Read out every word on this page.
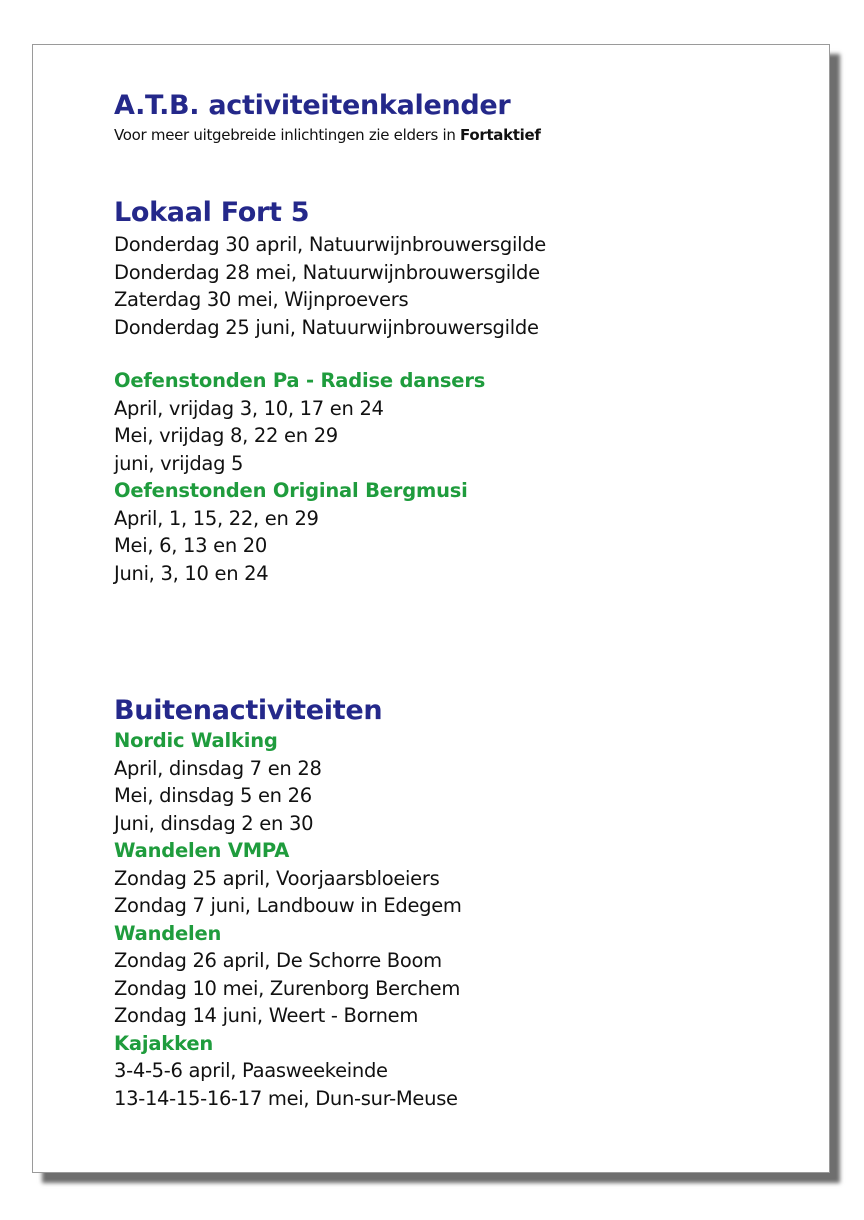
A.T.B. activiteitenkalender

Voor meer uitgebreide inlichtingen zie elders in Fortaktief

Lokaal Fort 5

Donderdag 30 april, Natuurwijnbrouwersgilde

Donderdag 28 mei, Natuurwijnbrouwersgilde

Zaterdag 30 mei, Wijnproevers

Donderdag 25 juni, Natuurwijnbrouwersgilde

Oefenstonden Pa - Radise dansers

April, vrijdag 3, 10, 17 en 24

Mei, vrijdag 8, 22 en 29

juni, vrijdag 5

Oefenstonden Original Bergmusi

April, 1, 15, 22, en 29

Mei, 6, 13 en 20

Juni, 3, 10 en 24

Buitenactiviteiten
Nordic Walking

April, dinsdag 7 en 28

Mei, dinsdag 5 en 26

Juni, dinsdag 2 en 30

Wandelen VMPA

Zondag 25 april, Voorjaarsbloeiers

Zondag 7 juni, Landbouw in Edegem

Wandelen

Zondag 26 april, De Schorre Boom

Zondag 10 mei, Zurenborg Berchem

Zondag 14 juni, Weert - Bornem

Kajakken

3-4-5-6 april, Paasweekeinde

13-14-15-16-17 mei, Dun-sur-Meuse
